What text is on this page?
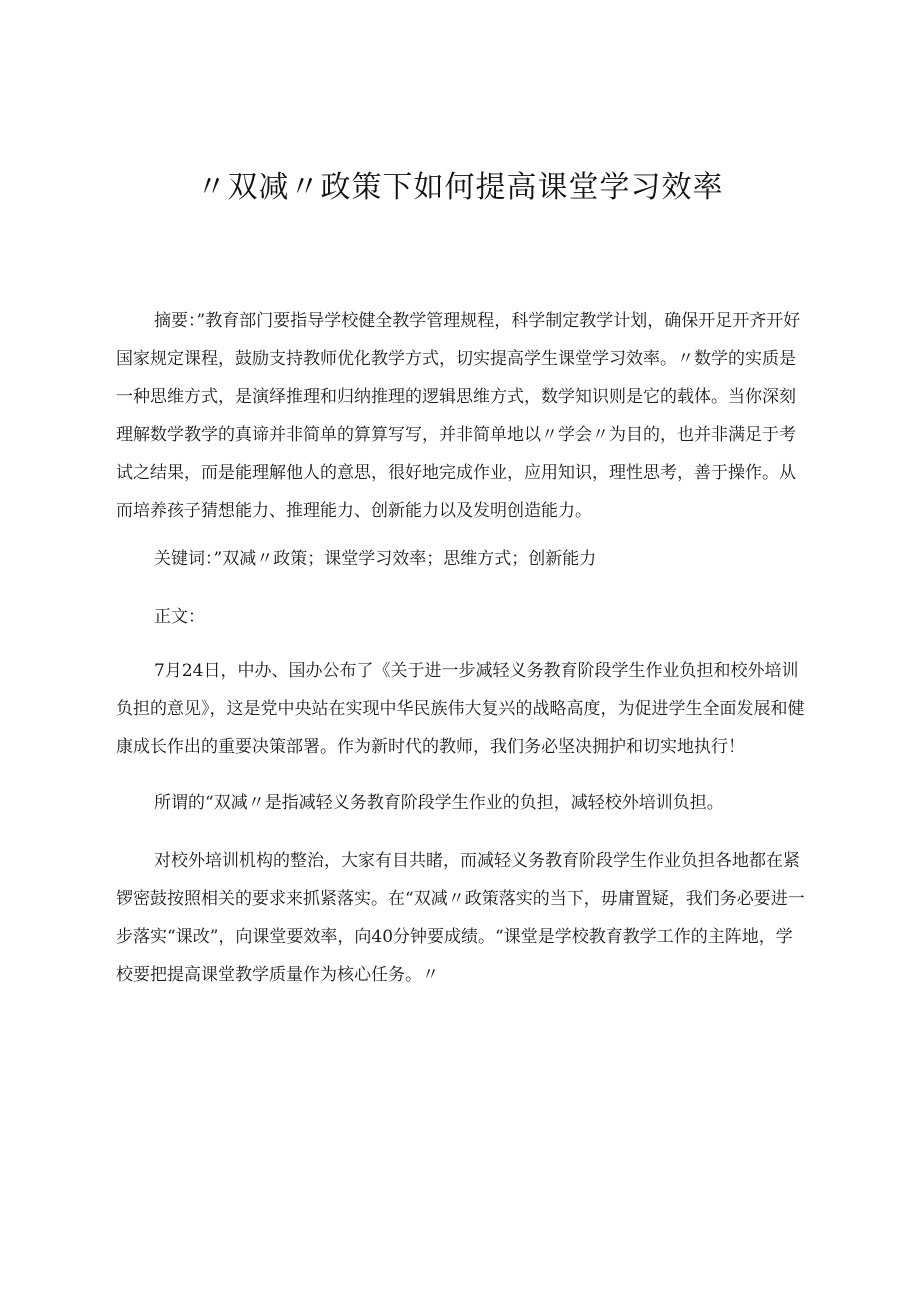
〃双减〃政策下如何提高课堂学习效率
摘要：”教育部门要指导学校健全教学管理规程，科学制定教学计划，确保开足开齐开好国家规定课程，鼓励支持教师优化教学方式，切实提高学生课堂学习效率。〃数学的实质是一种思维方式，是演绎推理和归纳推理的逻辑思维方式，数学知识则是它的载体。当你深刻理解数学教学的真谛并非简单的算算写写，并非简单地以〃学会〃为目的，也并非满足于考试之结果，而是能理解他人的意思，很好地完成作业，应用知识，理性思考，善于操作。从而培养孩子猜想能力、推理能力、创新能力以及发明创造能力。
关键词：”双减〃政策；课堂学习效率；思维方式；创新能力
正文：
7月24日，中办、国办公布了《关于进一步减轻义务教育阶段学生作业负担和校外培训负担的意见》，这是党中央站在实现中华民族伟大复兴的战略高度，为促进学生全面发展和健康成长作出的重要决策部署。作为新时代的教师，我们务必坚决拥护和切实地执行！
所谓的“双减〃是指减轻义务教育阶段学生作业的负担，减轻校外培训负担。
对校外培训机构的整治，大家有目共睹，而减轻义务教育阶段学生作业负担各地都在紧锣密鼓按照相关的要求来抓紧落实。在“双减〃政策落实的当下，毋庸置疑，我们务必要进一步落实“课改”，向课堂要效率，向40分钟要成绩。“课堂是学校教育教学工作的主阵地，学校要把提高课堂教学质量作为核心任务。〃
